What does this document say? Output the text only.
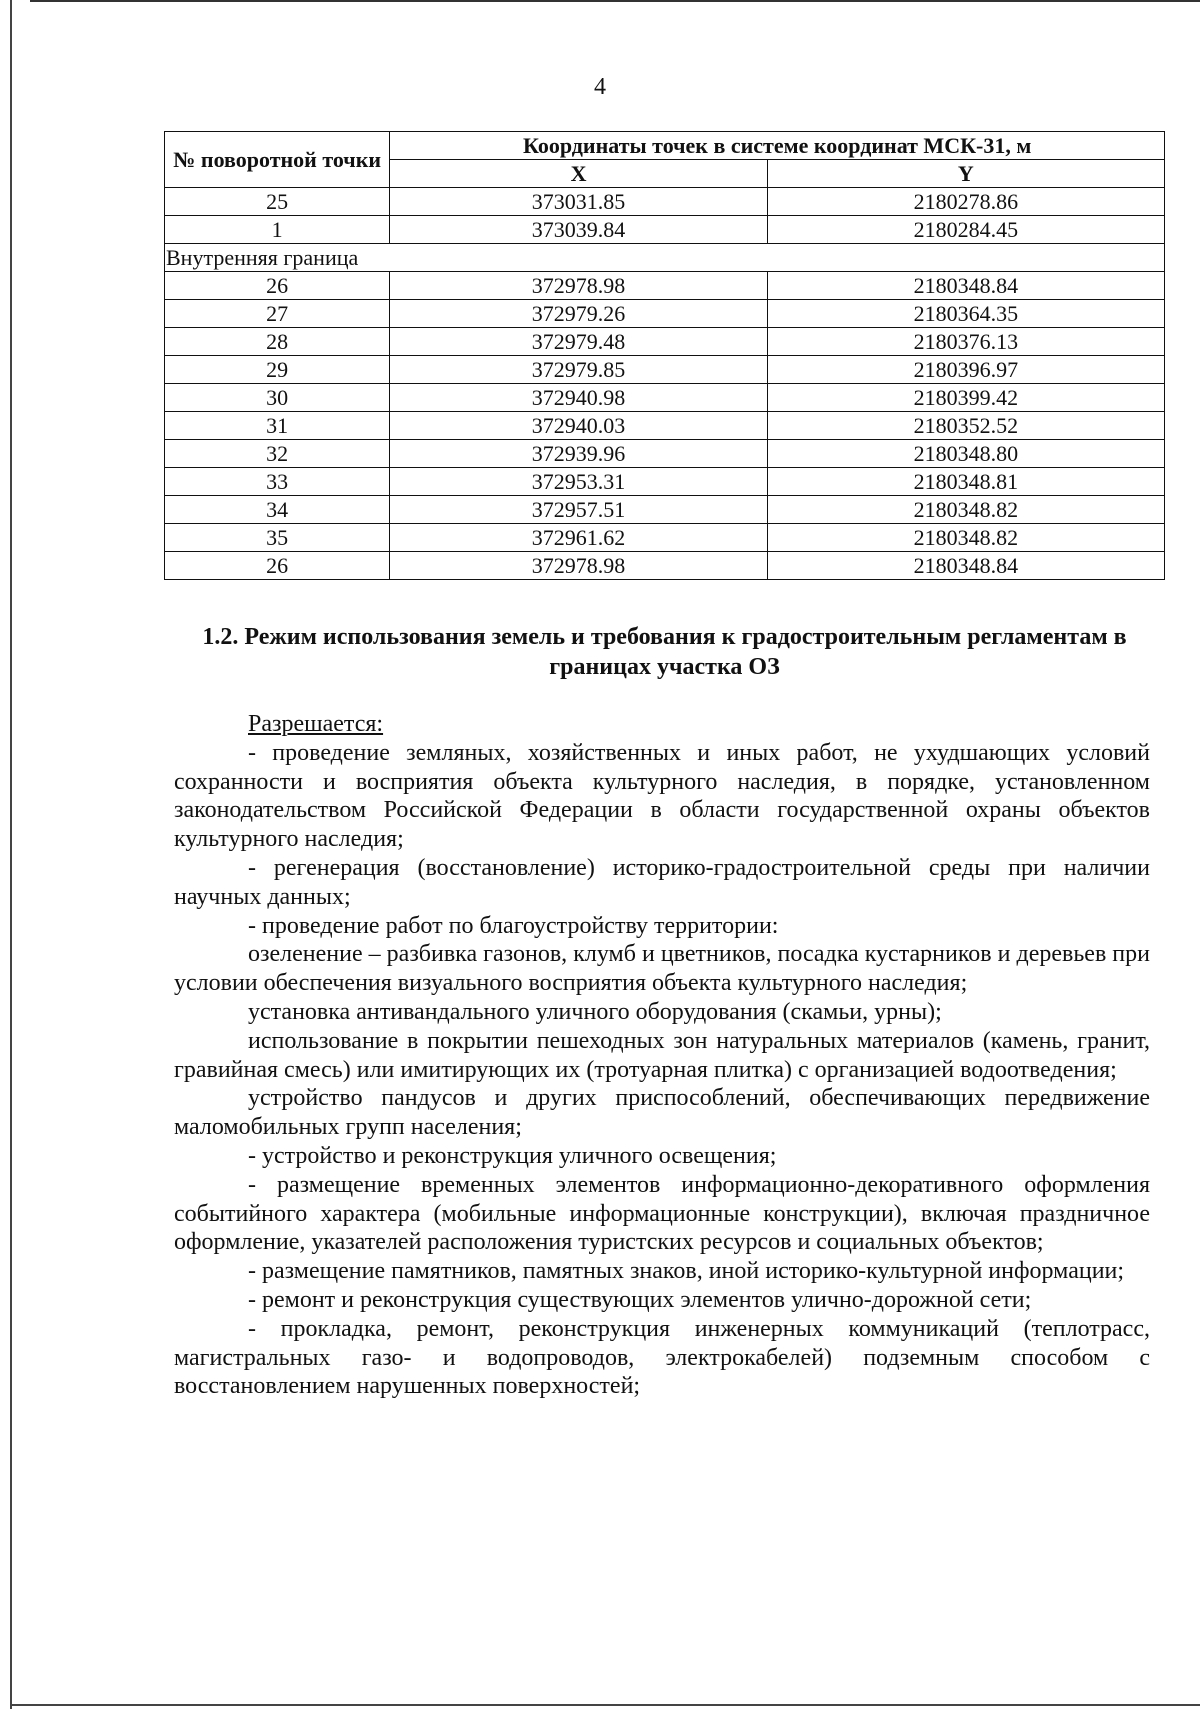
4
№ поворотной точки	Координаты точек в системе координат МСК-31, м	
	X	Y
25	373031.85	2180278.86
1	373039.84	2180284.45
Внутренняя граница		
26	372978.98	2180348.84
27	372979.26	2180364.35
28	372979.48	2180376.13
29	372979.85	2180396.97
30	372940.98	2180399.42
31	372940.03	2180352.52
32	372939.96	2180348.80
33	372953.31	2180348.81
34	372957.51	2180348.82
35	372961.62	2180348.82
26	372978.98	2180348.84
1.2. Режим использования земель и требования к градостроительным регламентам в границах участка ОЗ

Разрешается:

- проведение земляных, хозяйственных и иных работ, не ухудшающих условий сохранности и восприятия объекта культурного наследия, в порядке, установленном законодательством Российской Федерации в области государственной охраны объектов культурного наследия;

- регенерация (восстановление) историко-градостроительной среды при наличии научных данных;

- проведение работ по благоустройству территории:

озеленение – разбивка газонов, клумб и цветников, посадка кустарников и деревьев при условии обеспечения визуального восприятия объекта культурного наследия;

установка антивандального уличного оборудования (скамьи, урны);

использование в покрытии пешеходных зон натуральных материалов (камень, гранит, гравийная смесь) или имитирующих их (тротуарная плитка) с организацией водоотведения;

устройство пандусов и других приспособлений, обеспечивающих передвижение маломобильных групп населения;

- устройство и реконструкция уличного освещения;

- размещение временных элементов информационно-декоративного оформления событийного характера (мобильные информационные конструкции), включая праздничное оформление, указателей расположения туристских ресурсов и социальных объектов;

- размещение памятников, памятных знаков, иной историко-культурной информации;

- ремонт и реконструкция существующих элементов улично-дорожной сети;

- прокладка, ремонт, реконструкция инженерных коммуникаций (теплотрасс, магистральных газо- и водопроводов, электрокабелей) подземным способом с восстановлением нарушенных поверхностей;
